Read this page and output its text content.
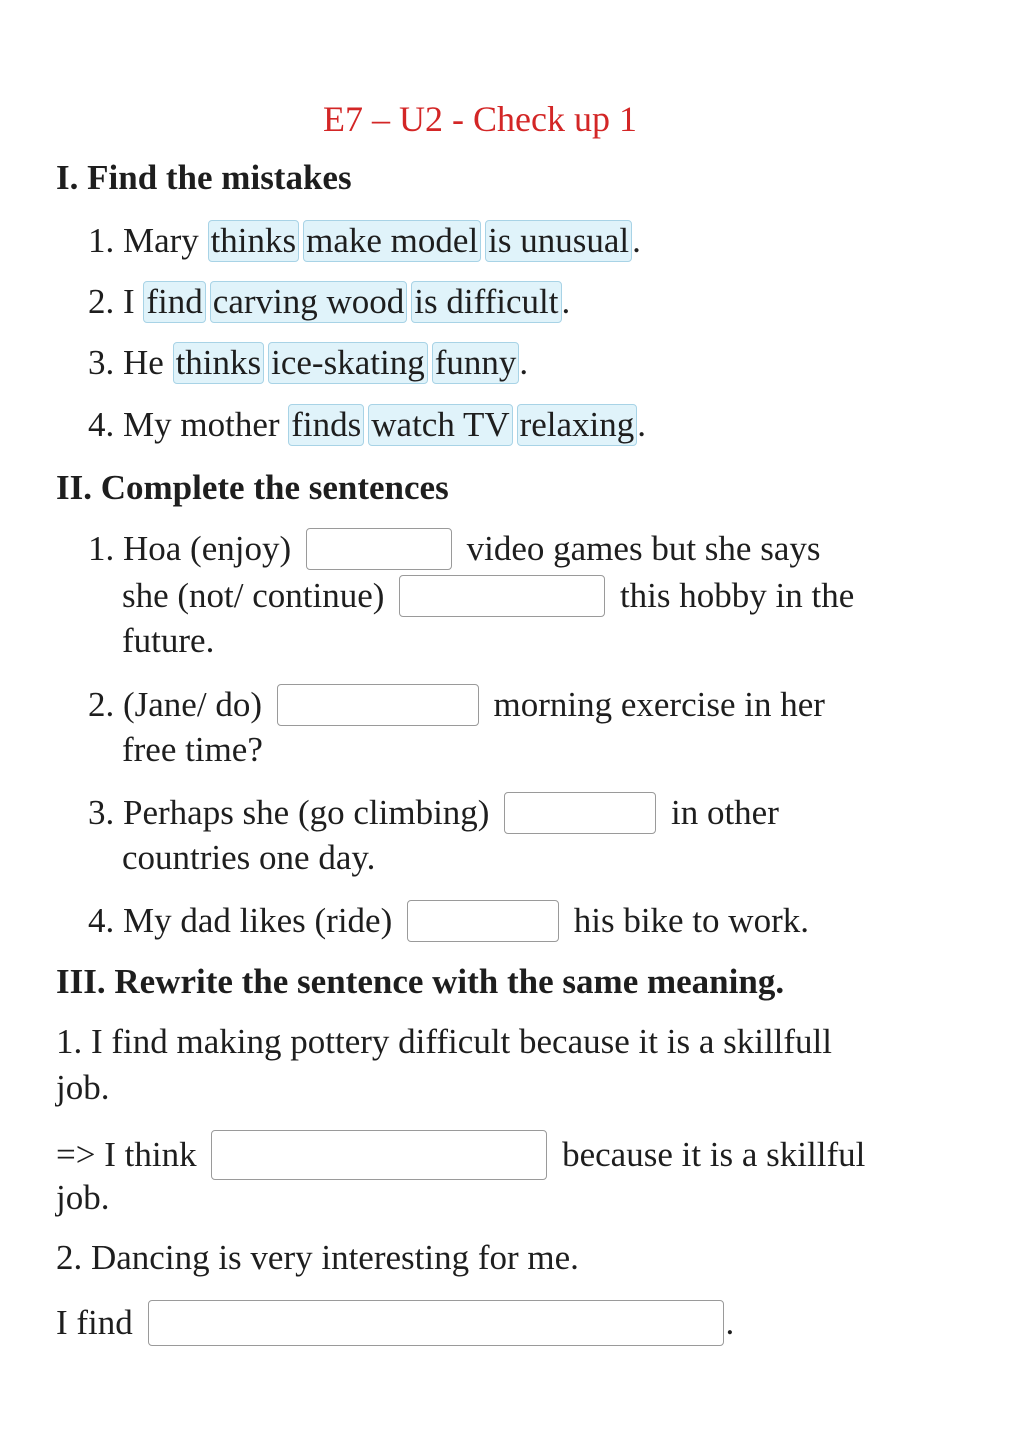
E7 – U2 - Check up 1
I. Find the mistakes
1. Mary thinks make model is unusual.
2. I find carving wood is difficult.
3. He thinks ice-skating funny.
4. My mother finds watch TV relaxing.
II. Complete the sentences
1. Hoa (enjoy)	video games but she says
she (not/ continue)	this hobby in the
future.
2. (Jane/ do)	morning exercise in her
free time?
3. Perhaps she (go climbing)	in other
countries one day.
4. My dad likes (ride)	his bike to work.
III. Rewrite the sentence with the same meaning.
1. I find making pottery difficult because it is a skillfull
job.
=> I think	because it is a skillful
job.
2. Dancing is very interesting for me.
I find	.
